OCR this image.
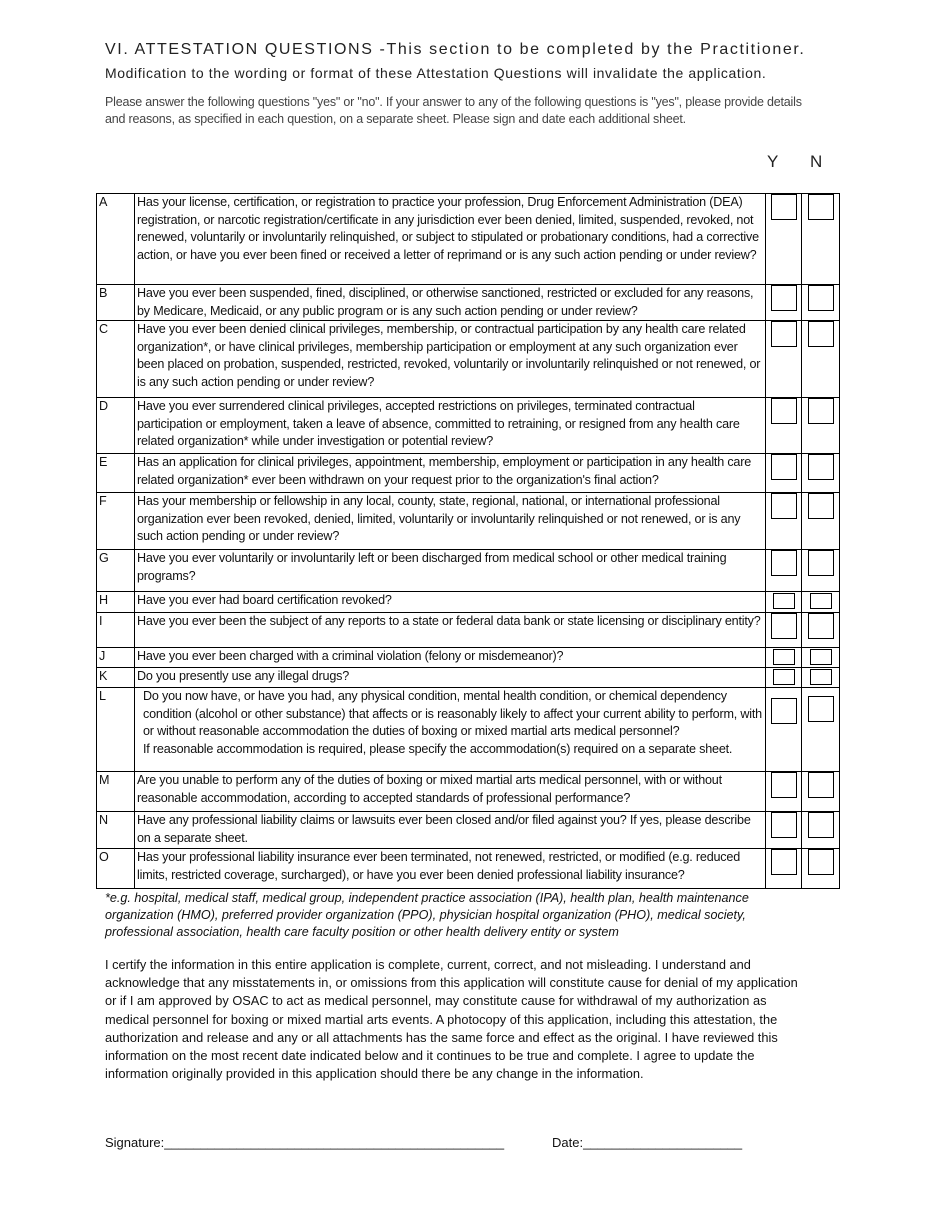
VI. ATTESTATION QUESTIONS -This section to be completed by the Practitioner.
Modification to the wording or format of these Attestation Questions will invalidate the application.
Please answer the following questions "yes" or "no". If your answer to any of the following questions is "yes", please provide details and reasons, as specified in each question, on a separate sheet. Please sign and date each additional sheet.
Y N
A	Has your license, certification, or registration to practice your profession, Drug Enforcement Administration (DEA) registration, or narcotic registration/certificate in any jurisdiction ever been denied, limited, suspended, revoked, not renewed, voluntarily or involuntarily relinquished, or subject to stipulated or probationary conditions, had a corrective action, or have you ever been fined or received a letter of reprimand or is any such action pending or under review?		
B	Have you ever been suspended, fined, disciplined, or otherwise sanctioned, restricted or excluded for any reasons, by Medicare, Medicaid, or any public program or is any such action pending or under review?		
C	Have you ever been denied clinical privileges, membership, or contractual participation by any health care related organization*, or have clinical privileges, membership participation or employment at any such organization ever been placed on probation, suspended, restricted, revoked, voluntarily or involuntarily relinquished or not renewed, or is any such action pending or under review?		
D	Have you ever surrendered clinical privileges, accepted restrictions on privileges, terminated contractual participation or employment, taken a leave of absence, committed to retraining, or resigned from any health care related organization* while under investigation or potential review?		
E	Has an application for clinical privileges, appointment, membership, employment or participation in any health care related organization* ever been withdrawn on your request prior to the organization's final action?		
F	Has your membership or fellowship in any local, county, state, regional, national, or international professional organization ever been revoked, denied, limited, voluntarily or involuntarily relinquished or not renewed, or is any such action pending or under review?		
G	Have you ever voluntarily or involuntarily left or been discharged from medical school or other medical training programs?		
H	Have you ever had board certification revoked?		
I	Have you ever been the subject of any reports to a state or federal data bank or state licensing or disciplinary entity?		
J	Have you ever been charged with a criminal violation (felony or misdemeanor)?		
K	Do you presently use any illegal drugs?		
L	Do you now have, or have you had, any physical condition, mental health condition, or chemical dependency condition (alcohol or other substance) that affects or is reasonably likely to affect your current ability to perform, with or without reasonable accommodation the duties of boxing or mixed martial arts medical personnel?
If reasonable accommodation is required, please specify the accommodation(s) required on a separate sheet.		

M	Are you unable to perform any of the duties of boxing or mixed martial arts medical personnel, with or without reasonable accommodation, according to accepted standards of professional performance?		
N	Have any professional liability claims or lawsuits ever been closed and/or filed against you? If yes, please describe on a separate sheet.		
O	Has your professional liability insurance ever been terminated, not renewed, restricted, or modified (e.g. reduced limits, restricted coverage, surcharged), or have you ever been denied professional liability insurance?		
*e.g. hospital, medical staff, medical group, independent practice association (IPA), health plan, health maintenance organization (HMO), preferred provider organization (PPO), physician hospital organization (PHO), medical society, professional association, health care faculty position or other health delivery entity or system
I certify the information in this entire application is complete, current, correct, and not misleading. I understand and acknowledge that any misstatements in, or omissions from this application will constitute cause for denial of my application or if I am approved by OSAC to act as medical personnel, may constitute cause for withdrawal of my authorization as medical personnel for boxing or mixed martial arts events. A photocopy of this application, including this attestation, the authorization and release and any or all attachments has the same force and effect as the original. I have reviewed this information on the most recent date indicated below and it continues to be true and complete. I agree to update the information originally provided in this application should there be any change in the information.
Signature:_______________________________________________	Date:______________________
